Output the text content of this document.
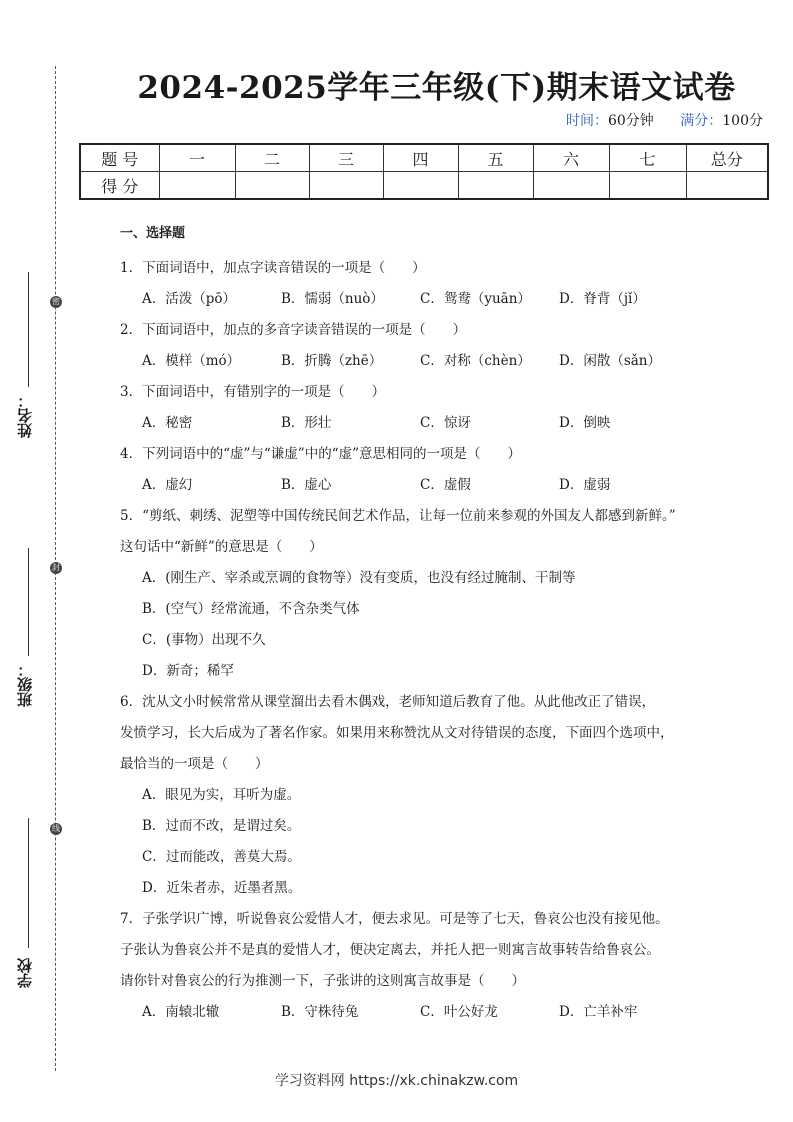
密
封
线
姓名：
班级：
学校
2024-2025学年三年级(下)期末语文试卷
时间：60分钟 满分：100分
题 号	一	二	三	四	五	六	七	总分
得 分								
一、选择题
1．下面词语中，加点字读音错误的一项是（　　）
A．活泼（pō）	B．懦弱（nuò）	C．鸳鸯（yuān）	D．脊背（jǐ）
2．下面词语中，加点的多音字读音错误的一项是（　　）
A．模样（mó）	B．折腾（zhē）	C．对称（chèn）	D．闲散（sǎn）
3．下面词语中，有错别字的一项是（　　）
A．秘密	B．形壮	C．惊讶	D．倒映
4．下列词语中的“虚”与“谦虚”中的“虚”意思相同的一项是（　　）
A．虚幻	B．虚心	C．虚假	D．虚弱
5．“剪纸、刺绣、泥塑等中国传统民间艺术作品，让每一位前来参观的外国友人都感到新鲜。”
这句话中“新鲜”的意思是（　　）
A．(刚生产、宰杀或烹调的食物等）没有变质，也没有经过腌制、干制等
B．(空气）经常流通，不含杂类气体
C．(事物）出现不久
D．新奇；稀罕
6．沈从文小时候常常从课堂溜出去看木偶戏，老师知道后教育了他。从此他改正了错误，
发愤学习，长大后成为了著名作家。如果用来称赞沈从文对待错误的态度，下面四个选项中，
最恰当的一项是（　　）
A．眼见为实，耳听为虚。
B．过而不改，是谓过矣。
C．过而能改，善莫大焉。
D．近朱者赤，近墨者黑。
7．子张学识广博，听说鲁哀公爱惜人才，便去求见。可是等了七天，鲁哀公也没有接见他。
子张认为鲁哀公并不是真的爱惜人才，便决定离去，并托人把一则寓言故事转告给鲁哀公。
请你针对鲁哀公的行为推测一下，子张讲的这则寓言故事是（　　）
A．南辕北辙	B．守株待兔	C．叶公好龙	D．亡羊补牢
学习资料网 https://xk.chinakzw.com
